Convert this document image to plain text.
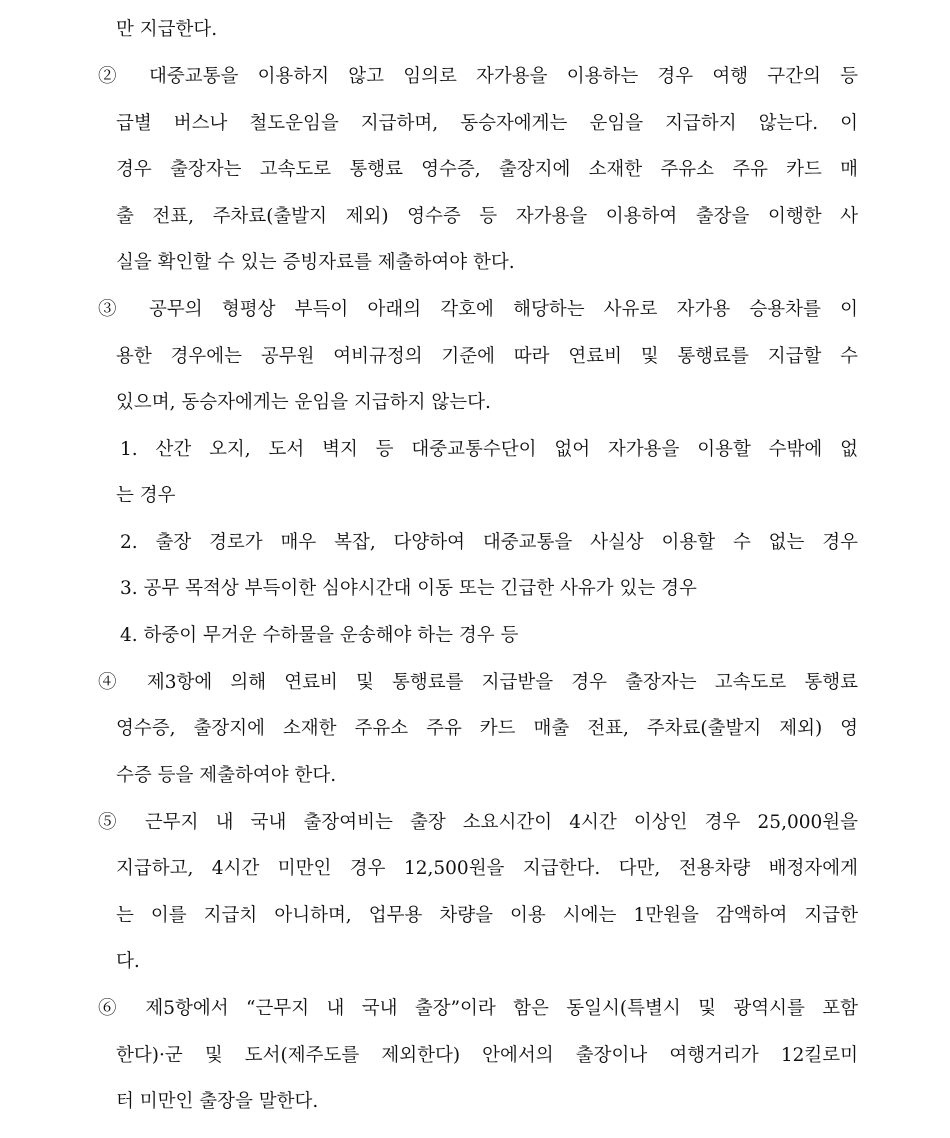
만 지급한다.
② 대중교통을 이용하지 않고 임의로 자가용을 이용하는 경우 여행 구간의 등
급별 버스나 철도운임을 지급하며, 동승자에게는 운임을 지급하지 않는다. 이
경우 출장자는 고속도로 통행료 영수증, 출장지에 소재한 주유소 주유 카드 매
출 전표, 주차료(출발지 제외) 영수증 등 자가용을 이용하여 출장을 이행한 사
실을 확인할 수 있는 증빙자료를 제출하여야 한다.
③ 공무의 형평상 부득이 아래의 각호에 해당하는 사유로 자가용 승용차를 이
용한 경우에는 공무원 여비규정의 기준에 따라 연료비 및 통행료를 지급할 수
있으며, 동승자에게는 운임을 지급하지 않는다.
1. 산간 오지, 도서 벽지 등 대중교통수단이 없어 자가용을 이용할 수밖에 없
는 경우
2. 출장 경로가 매우 복잡, 다양하여 대중교통을 사실상 이용할 수 없는 경우
3. 공무 목적상 부득이한 심야시간대 이동 또는 긴급한 사유가 있는 경우
4. 하중이 무거운 수하물을 운송해야 하는 경우 등
④ 제3항에 의해 연료비 및 통행료를 지급받을 경우 출장자는 고속도로 통행료
영수증, 출장지에 소재한 주유소 주유 카드 매출 전표, 주차료(출발지 제외) 영
수증 등을 제출하여야 한다.
⑤ 근무지 내 국내 출장여비는 출장 소요시간이 4시간 이상인 경우 25,000원을
지급하고, 4시간 미만인 경우 12,500원을 지급한다. 다만, 전용차량 배정자에게
는 이를 지급치 아니하며, 업무용 차량을 이용 시에는 1만원을 감액하여 지급한
다.
⑥ 제5항에서 “근무지 내 국내 출장”이라 함은 동일시(특별시 및 광역시를 포함
한다)·군 및 도서(제주도를 제외한다) 안에서의 출장이나 여행거리가 12킬로미
터 미만인 출장을 말한다.
